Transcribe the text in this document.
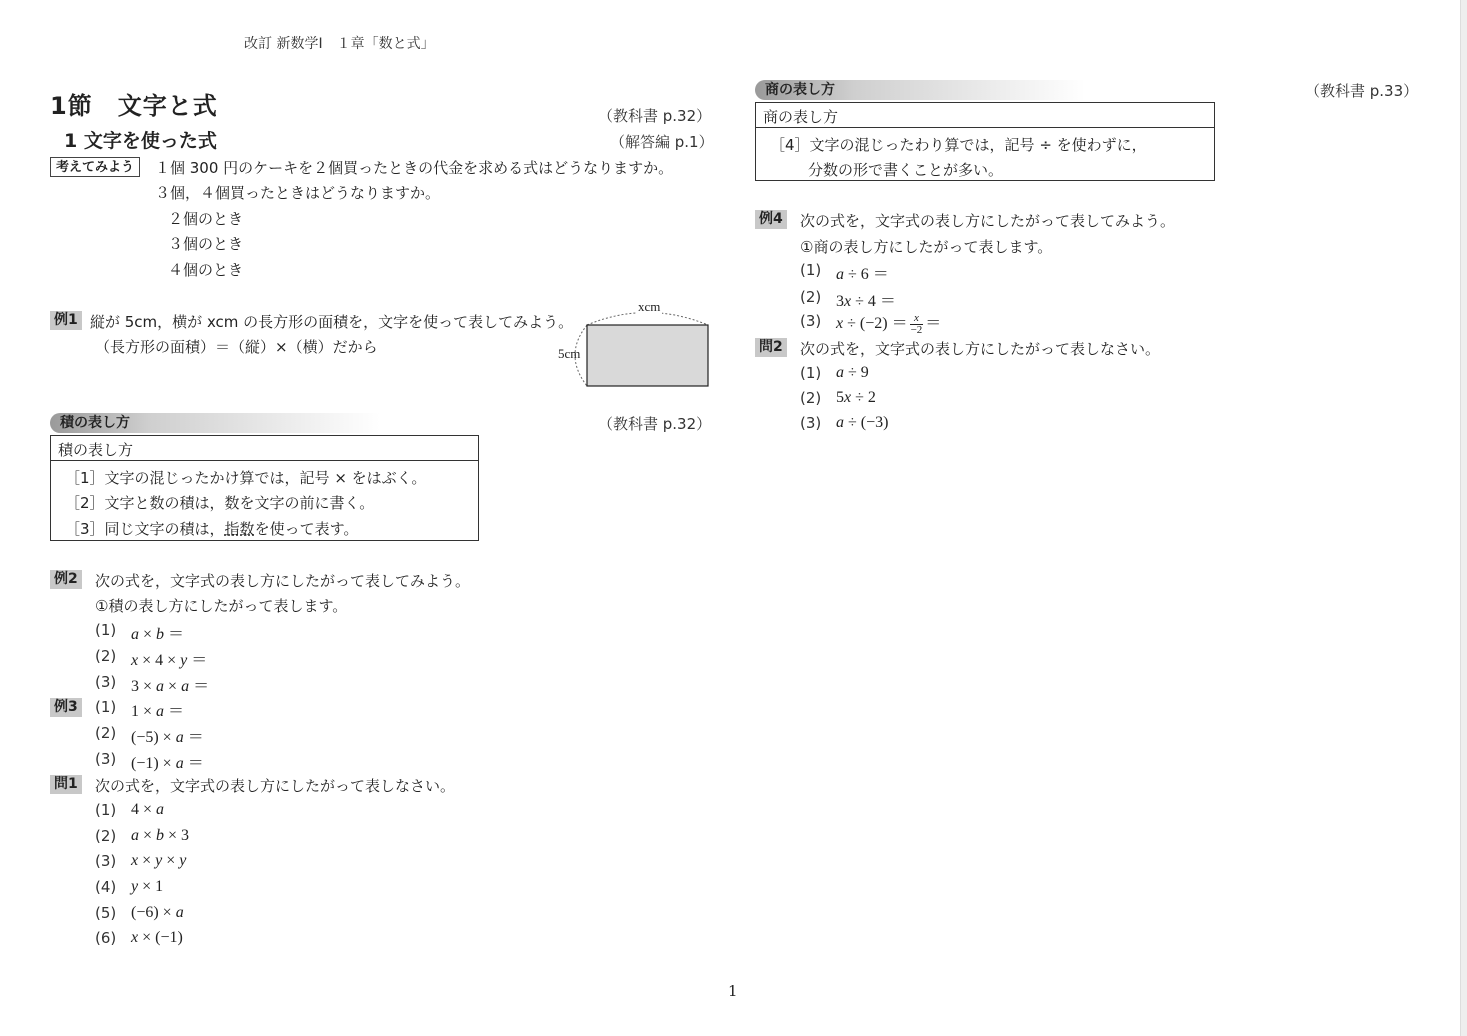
改訂 新数学Ⅰ　１章「数と式」
1節　文字と式	（教科書 p.32）
1 文字を使った式	（解答編 p.1）
考えてみよう	１個 300 円のケーキを２個買ったときの代金を求める式はどうなりますか。
３個，４個買ったときはどうなりますか。
２個のとき
３個のとき
４個のとき
例1 縦が 5cm，横が xcm の長方形の面積を，文字を使って表してみよう。
（長方形の面積）＝（縦）×（横）だから
xcm
5cm
積の表し方	（教科書 p.32）
積の表し方
［1］文字の混じったかけ算では，記号 × をはぶく。
［2］文字と数の積は，数を文字の前に書く。
［3］同じ文字の積は，指数を使って表す。
例2 次の式を，文字式の表し方にしたがって表してみよう。
①積の表し方にしたがって表します。
(1) a × b ＝
(2) x × 4 × y ＝
(3) 3 × a × a ＝
例3 (1) 1 × a ＝
(2) (−5) × a ＝
(3) (−1) × a ＝
問1 次の式を，文字式の表し方にしたがって表しなさい。
(1) 4 × a
(2) a × b × 3
(3) x × y × y
(4) y × 1
(5) (−6) × a
(6) x × (−1)
商の表し方	（教科書 p.33）
商の表し方
［4］文字の混じったわり算では，記号 ÷ を使わずに，
分数の形で書くことが多い。
例4 次の式を，文字式の表し方にしたがって表してみよう。
①商の表し方にしたがって表します。
(1) a ÷ 6 ＝
(2) 3x ÷ 4 ＝
(3) $x \div (-2) = \frac{x}{-2}$ ＝
問2 次の式を，文字式の表し方にしたがって表しなさい。
(1) a ÷ 9
(2) 5x ÷ 2
(3) a ÷ (−3)
1
